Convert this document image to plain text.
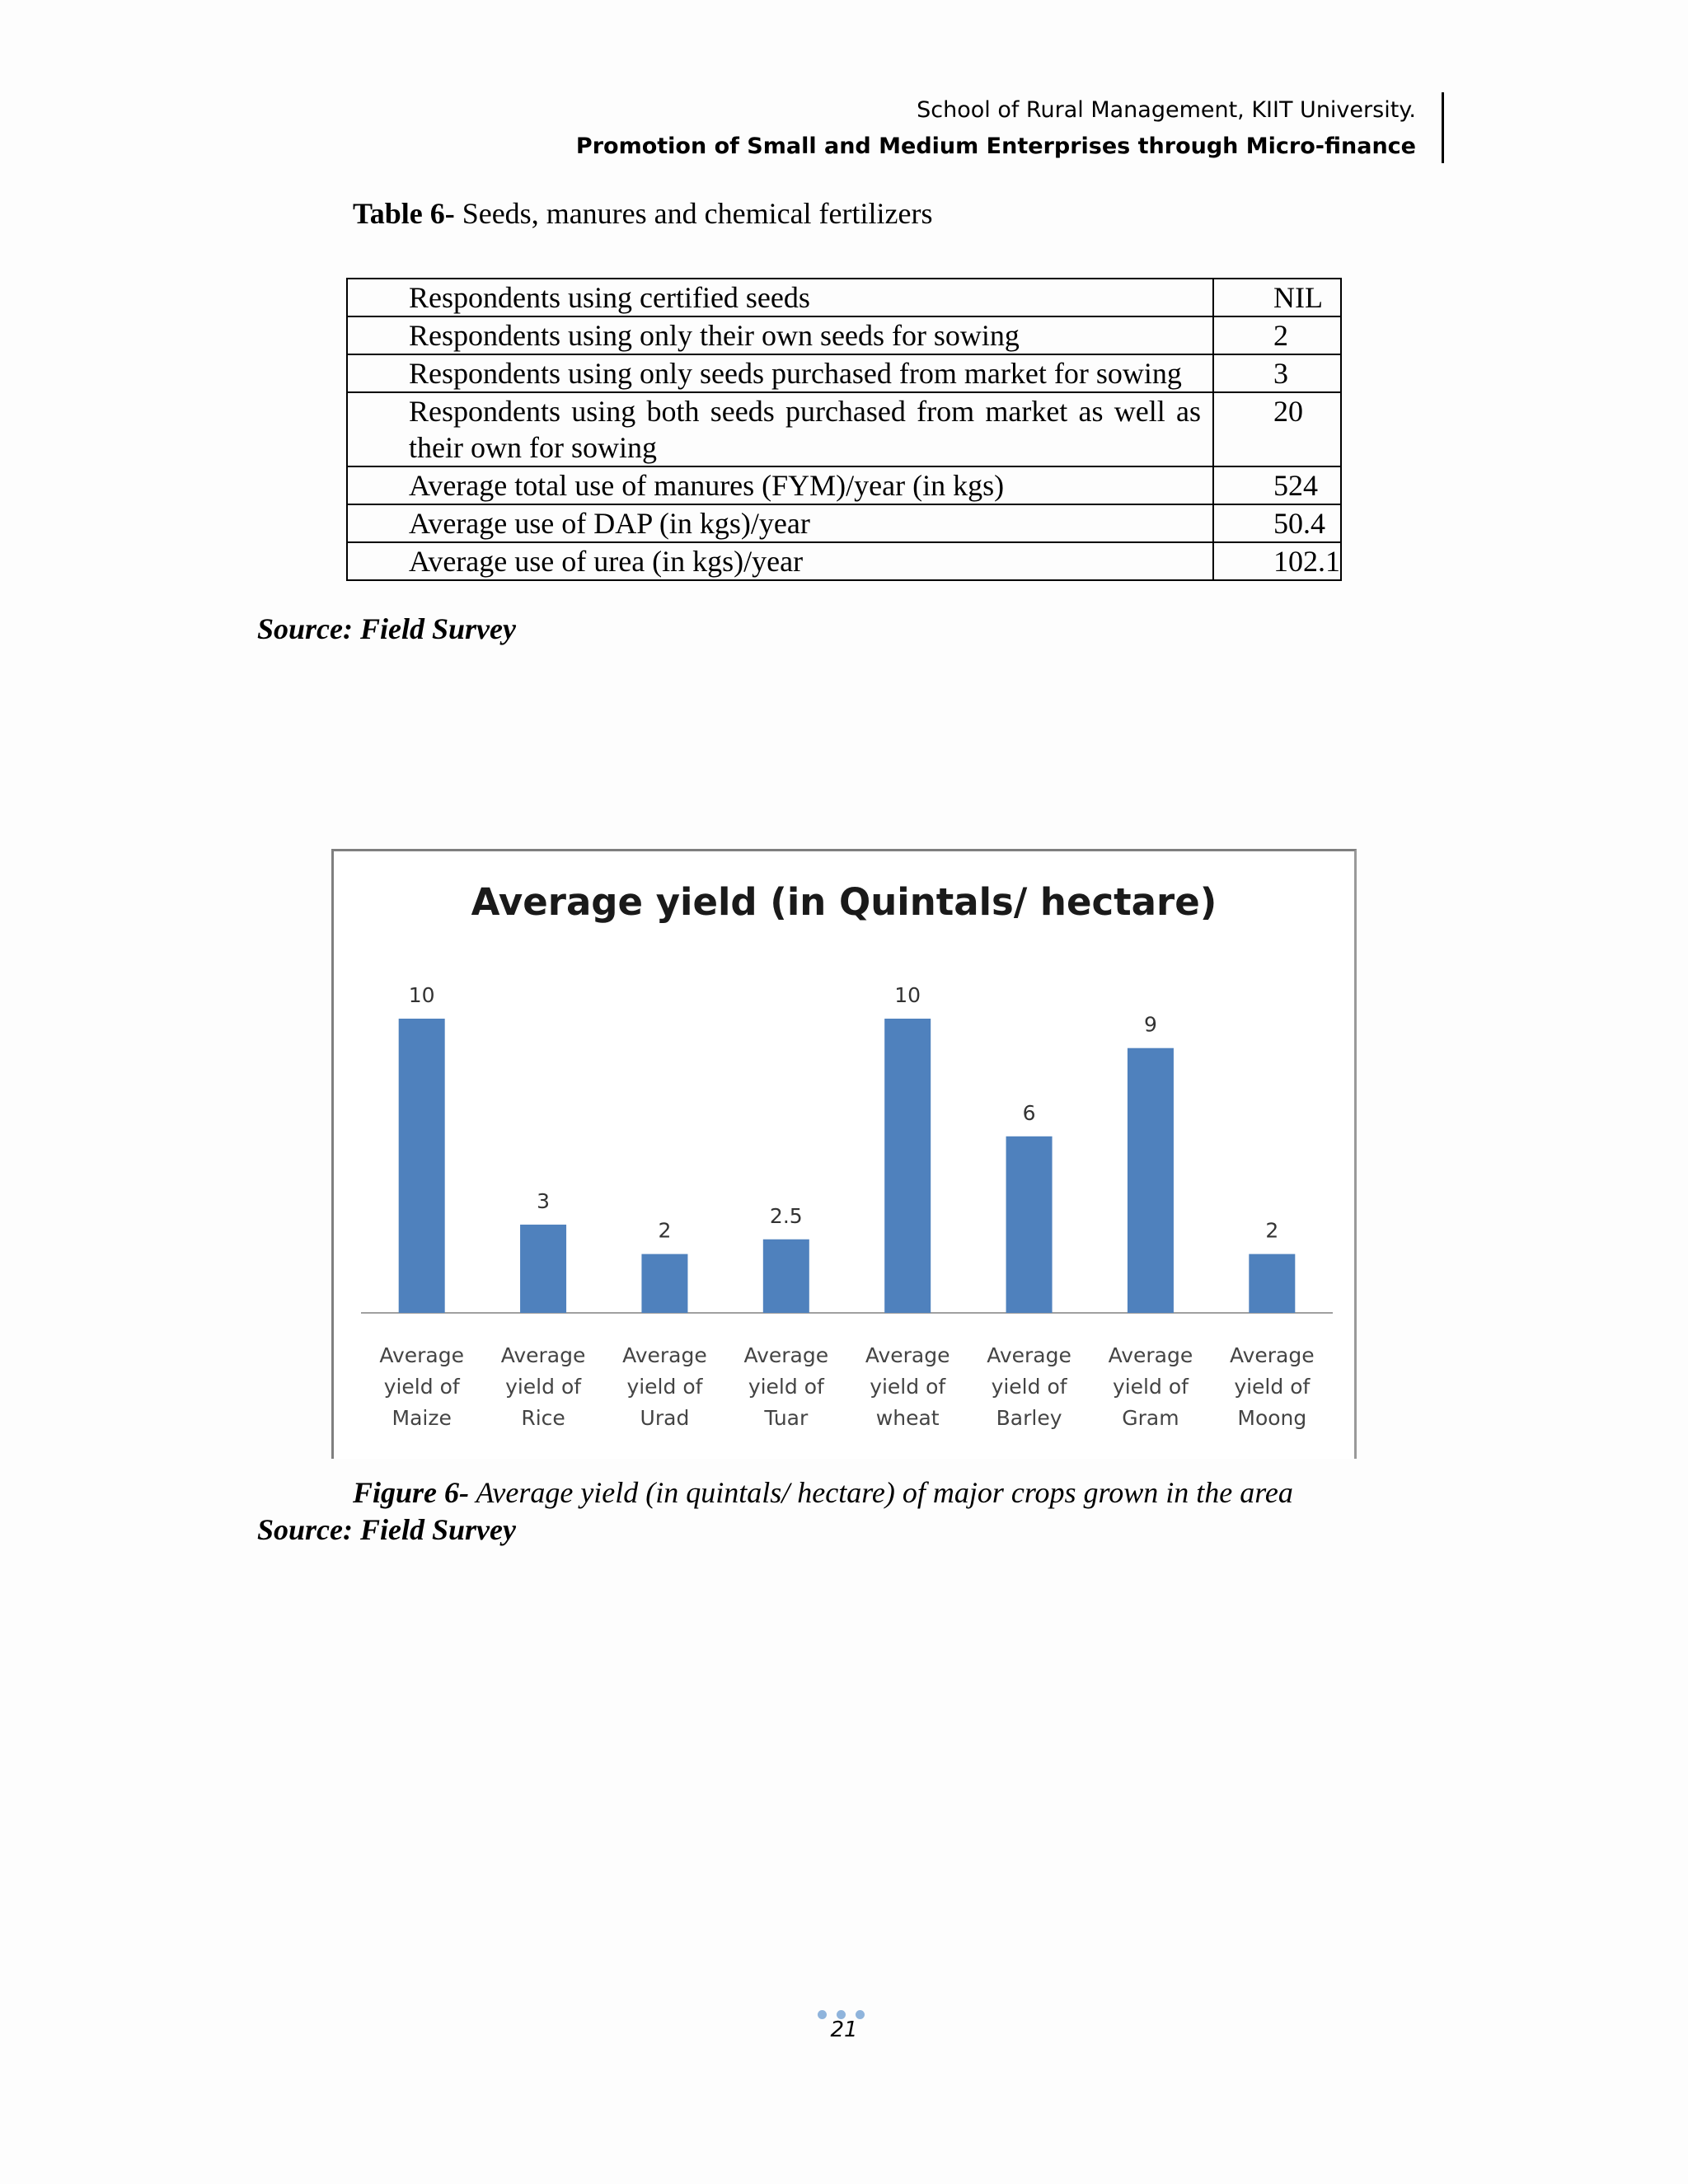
School of Rural Management, KIIT University.
Promotion of Small and Medium Enterprises through Micro-finance
Table 6- Seeds, manures and chemical fertilizers
Respondents using certified seeds	NIL
Respondents using only their own seeds for sowing	2
Respondents using only seeds purchased from market for sowing	3
Respondents using both seeds purchased from market as well as their own for sowing	20
Average total use of manures (FYM)/year (in kgs)	524
Average use of DAP (in kgs)/year	50.4
Average use of urea (in kgs)/year	102.1
Source: Field Survey
Average yield (in Quintals/ hectare)
10
Average
yield of
Maize
3
Average
yield of
Rice
2
Average
yield of
Urad
2.5
Average
yield of
Tuar
10
Average
yield of
wheat
6
Average
yield of
Barley
9
Average
yield of
Gram
2
Average
yield of
Moong
Figure 6- Average yield (in quintals/ hectare) of major crops grown in the area
Source: Field Survey
21
